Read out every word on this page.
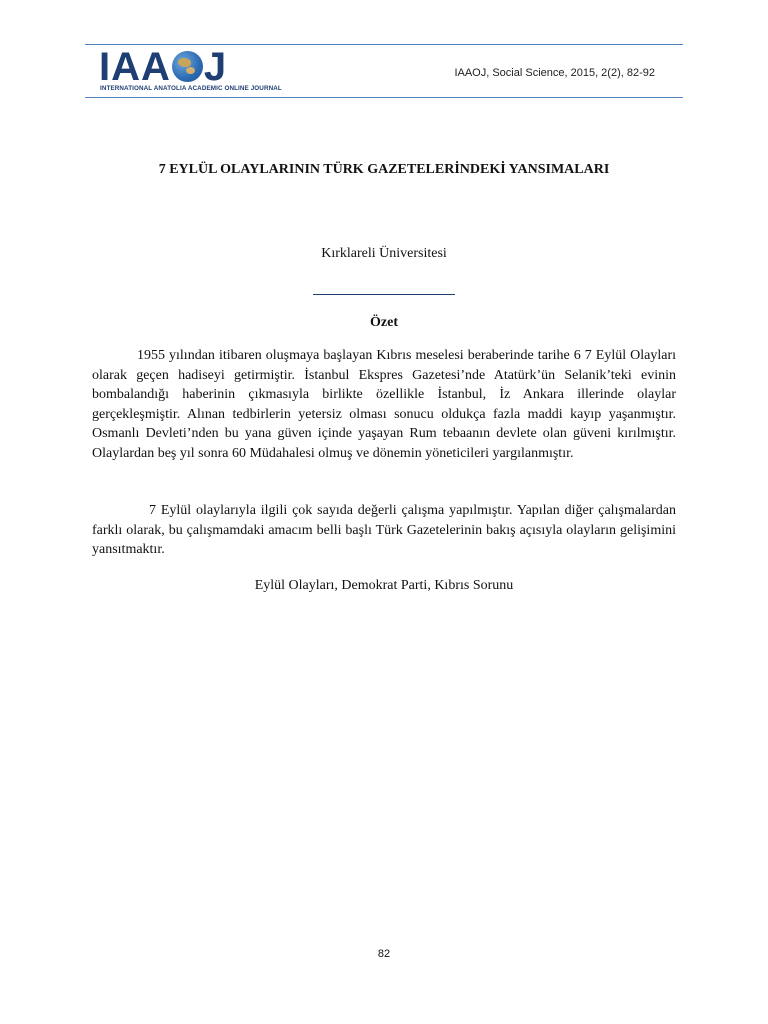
IAA J
INTERNATIONAL ANATOLIA ACADEMIC ONLINE JOURNAL
IAAOJ, Social Science, 2015, 2(2), 82-92
7 EYLÜL OLAYLARININ TÜRK GAZETELERİNDEKİ YANSIMALARI
Kırklareli Üniversitesi
Özet
1955 yılından itibaren oluşmaya başlayan Kıbrıs meselesi beraberinde tarihe 6 7 Eylül Olayları olarak geçen hadiseyi getirmiştir. İstanbul Ekspres Gazetesi’nde Atatürk’ün Selanik’teki evinin bombalandığı haberinin çıkmasıyla birlikte özellikle İstanbul, İz Ankara illerinde olaylar gerçekleşmiştir. Alınan tedbirlerin yetersiz olması sonucu oldukça fazla maddi kayıp yaşanmıştır. Osmanlı Devleti’nden bu yana güven içinde yaşayan Rum tebaanın devlete olan güveni kırılmıştır. Olaylardan beş yıl sonra 60 Müdahalesi olmuş ve dönemin yöneticileri yargılanmıştır.
7 Eylül olaylarıyla ilgili çok sayıda değerli çalışma yapılmıştır. Yapılan diğer çalışmalardan farklı olarak, bu çalışmamdaki amacım belli başlı Türk Gazetelerinin bakış açısıyla olayların gelişimini yansıtmaktır.
Eylül Olayları, Demokrat Parti, Kıbrıs Sorunu
82
